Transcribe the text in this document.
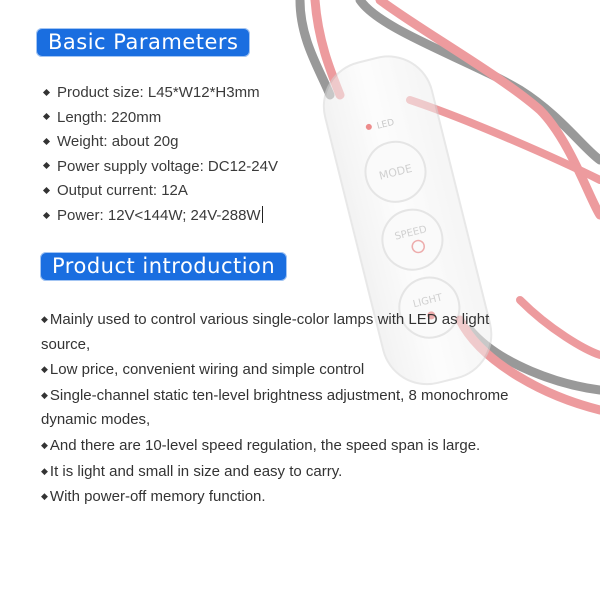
LED
MODE
SPEED
LIGHT
Basic Parameters
Product size: L45*W12*H3mm
Length: 220mm
Weight: about 20g
Power supply voltage: DC12-24V
Output current: 12A
Power: 12V<144W; 24V-288W
Product introduction
◆ Mainly used to control various single-color lamps with LED as light source,
◆ Low price, convenient wiring and simple control
◆ Single-channel static ten-level brightness adjustment, 8 monochrome dynamic modes,
◆ And there are 10-level speed regulation, the speed span is large.
◆ It is light and small in size and easy to carry.
◆ With power-off memory function.
